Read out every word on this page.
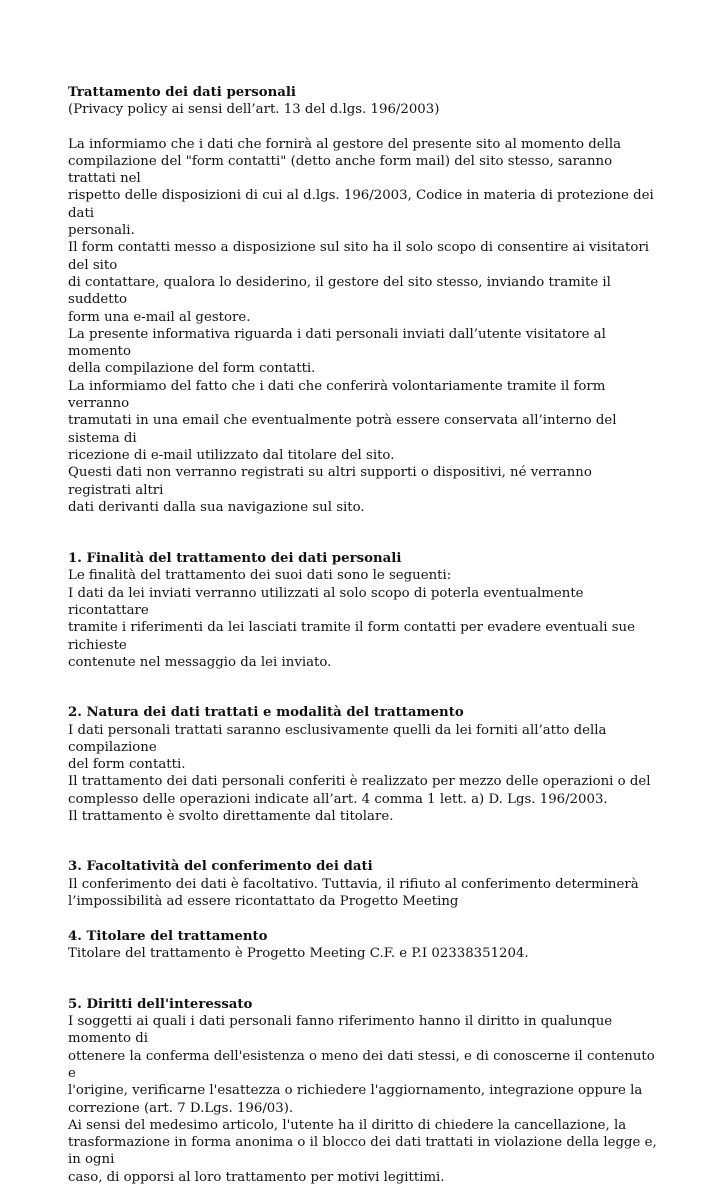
Trattamento dei dati personali

(Privacy policy ai sensi dell’art. 13 del d.lgs. 196/2003)

La informiamo che i dati che fornirà al gestore del presente sito al momento della
compilazione del "form contatti" (detto anche form mail) del sito stesso, saranno trattati nel
rispetto delle disposizioni di cui al d.lgs. 196/2003, Codice in materia di protezione dei dati
personali.

Il form contatti messo a disposizione sul sito ha il solo scopo di consentire ai visitatori del sito
di contattare, qualora lo desiderino, il gestore del sito stesso, inviando tramite il suddetto
form una e-mail al gestore.

La presente informativa riguarda i dati personali inviati dall’utente visitatore al momento
della compilazione del form contatti.

La informiamo del fatto che i dati che conferirà volontariamente tramite il form verranno
tramutati in una email che eventualmente potrà essere conservata all’interno del sistema di
ricezione di e-mail utilizzato dal titolare del sito.

Questi dati non verranno registrati su altri supporti o dispositivi, né verranno registrati altri
dati derivanti dalla sua navigazione sul sito.

1. Finalità del trattamento dei dati personali

Le finalità del trattamento dei suoi dati sono le seguenti:
I dati da lei inviati verranno utilizzati al solo scopo di poterla eventualmente ricontattare
tramite i riferimenti da lei lasciati tramite il form contatti per evadere eventuali sue richieste
contenute nel messaggio da lei inviato.

2. Natura dei dati trattati e modalità del trattamento

I dati personali trattati saranno esclusivamente quelli da lei forniti all’atto della compilazione
del form contatti.
Il trattamento dei dati personali conferiti è realizzato per mezzo delle operazioni o del
complesso delle operazioni indicate all’art. 4 comma 1 lett. a) D. Lgs. 196/2003.
Il trattamento è svolto direttamente dal titolare.

3. Facoltatività del conferimento dei dati

Il conferimento dei dati è facoltativo. Tuttavia, il rifiuto al conferimento determinerà
l’impossibilità ad essere ricontattato da Progetto Meeting

4. Titolare del trattamento

Titolare del trattamento è Progetto Meeting C.F. e P.I 02338351204.

5. Diritti dell'interessato

I soggetti ai quali i dati personali fanno riferimento hanno il diritto in qualunque momento di
ottenere la conferma dell'esistenza o meno dei dati stessi, e di conoscerne il contenuto e
l'origine, verificarne l'esattezza o richiedere l'aggiornamento, integrazione oppure la
correzione (art. 7 D.Lgs. 196/03).
Ai sensi del medesimo articolo, l'utente ha il diritto di chiedere la cancellazione, la
trasformazione in forma anonima o il blocco dei dati trattati in violazione della legge e, in ogni
caso, di opporsi al loro trattamento per motivi legittimi.
